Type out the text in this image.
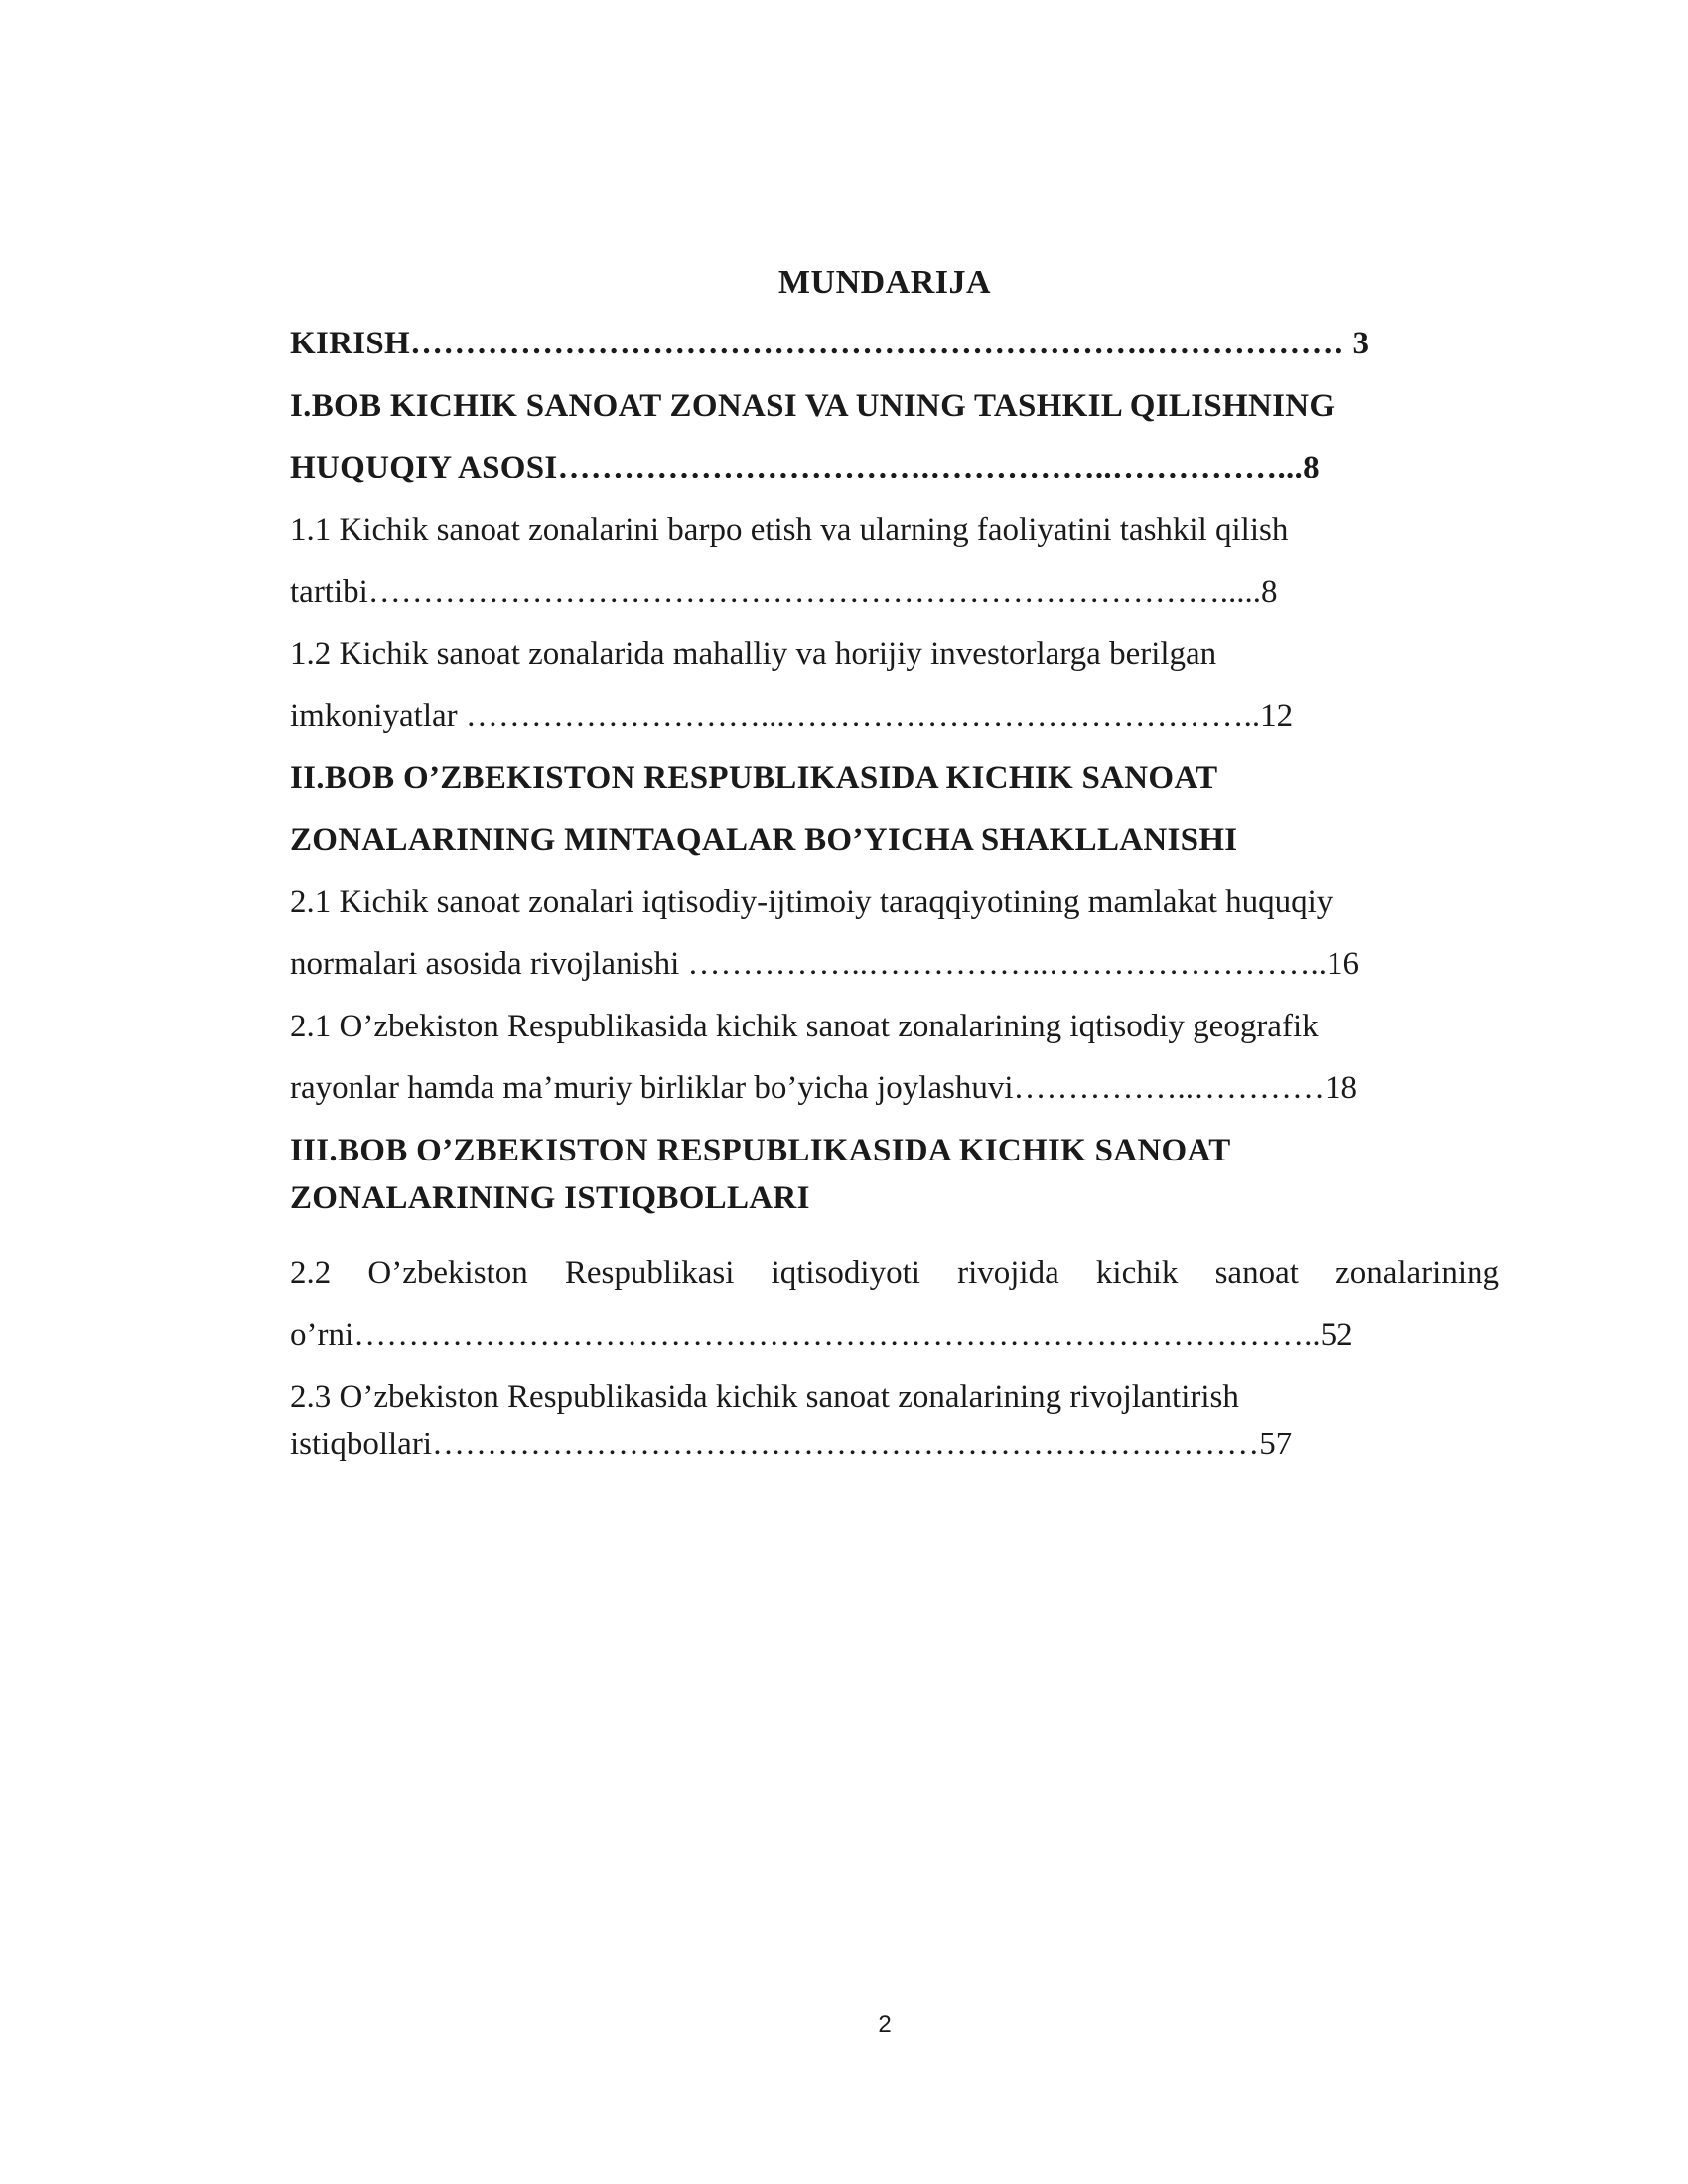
MUNDARIJA
KIRISH………………………………………………………….……………… 3
I.BOB KICHIK SANOAT ZONASI VA UNING TASHKIL QILISHNING
HUQUQIY ASOSI…………………………….……………..……………...8
1.1 Kichik sanoat zonalarini barpo etish va ularning faoliyatini tashkil qilish
tartibi…………………………………………………………………….....8
1.2 Kichik sanoat zonalarida mahalliy va horijiy investorlarga berilgan
imkoniyatlar ………………………...……………………………………..12
II.BOB O’ZBEKISTON RESPUBLIKASIDA KICHIK SANOAT
ZONALARINING MINTAQALAR BO’YICHA SHAKLLANISHI
2.1 Kichik sanoat zonalari iqtisodiy-ijtimoiy taraqqiyotining mamlakat huquqiy
normalari asosida rivojlanishi ……………..……………..……………………..16
2.1 O’zbekiston Respublikasida kichik sanoat zonalarining iqtisodiy geografik
rayonlar hamda ma’muriy birliklar bo’yicha joylashuvi……………..…………18
III.BOB O’ZBEKISTON RESPUBLIKASIDA KICHIK SANOAT
ZONALARINING ISTIQBOLLARI
2.2 O’zbekiston Respublikasi iqtisodiyoti rivojida kichik sanoat zonalarining
o’rni……………………………………………………………………………..52
2.3 O’zbekiston Respublikasida kichik sanoat zonalarining rivojlantirish
istiqbollari………………………………………………………….………57
2
